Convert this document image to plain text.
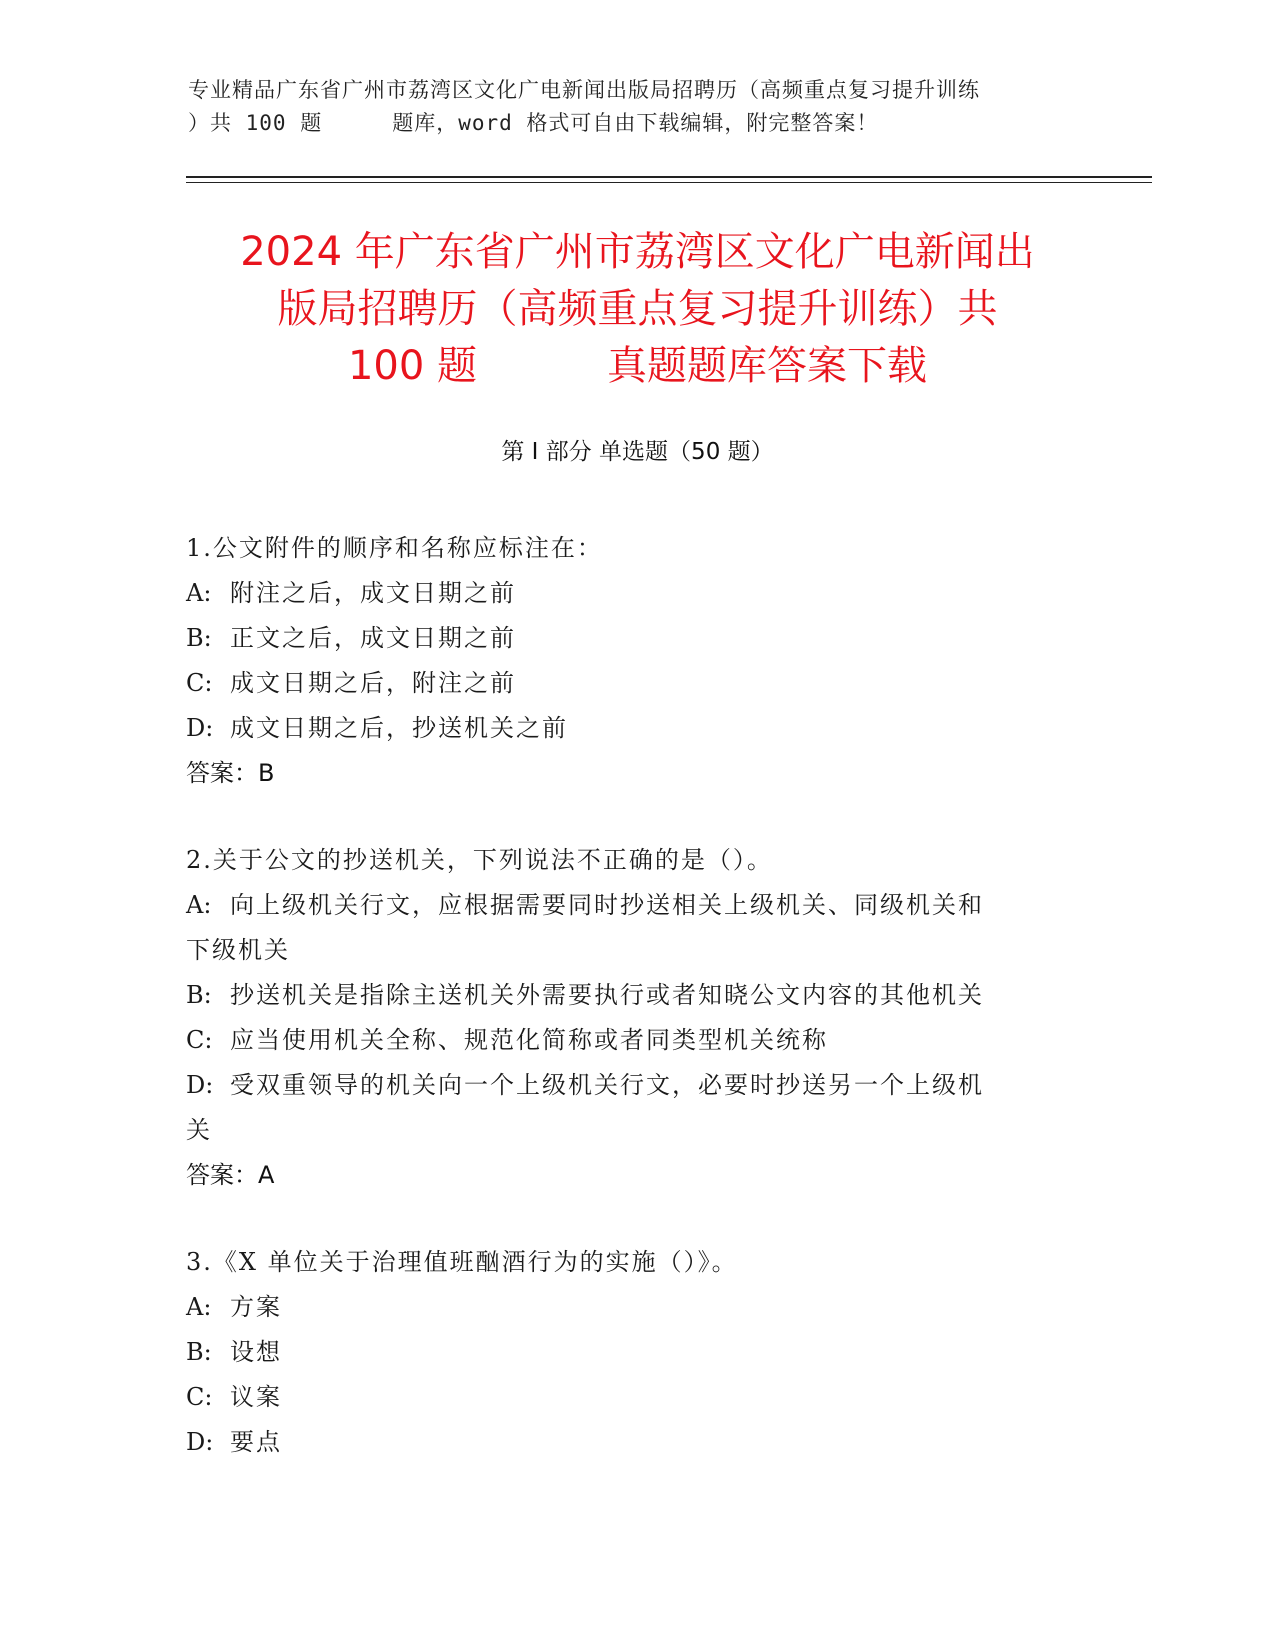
专业精品广东省广州市荔湾区文化广电新闻出版局招聘历（高频重点复习提升训练
）共 100 题	题库，word 格式可自由下载编辑，附完整答案！
2024 年广东省广州市荔湾区文化广电新闻出
版局招聘历（高频重点复习提升训练）共
100 题	真题题库答案下载
第 I 部分 单选题（50 题）
1.公文附件的顺序和名称应标注在：
A: 附注之后，成文日期之前
B: 正文之后，成文日期之前
C: 成文日期之后，附注之前
D: 成文日期之后，抄送机关之前
答案：B
2.关于公文的抄送机关，下列说法不正确的是（）。
A: 向上级机关行文，应根据需要同时抄送相关上级机关、同级机关和
下级机关
B: 抄送机关是指除主送机关外需要执行或者知晓公文内容的其他机关
C: 应当使用机关全称、规范化简称或者同类型机关统称
D: 受双重领导的机关向一个上级机关行文，必要时抄送另一个上级机
关
答案：A
3.《X 单位关于治理值班酗酒行为的实施（）》。
A: 方案
B: 设想
C: 议案
D: 要点
